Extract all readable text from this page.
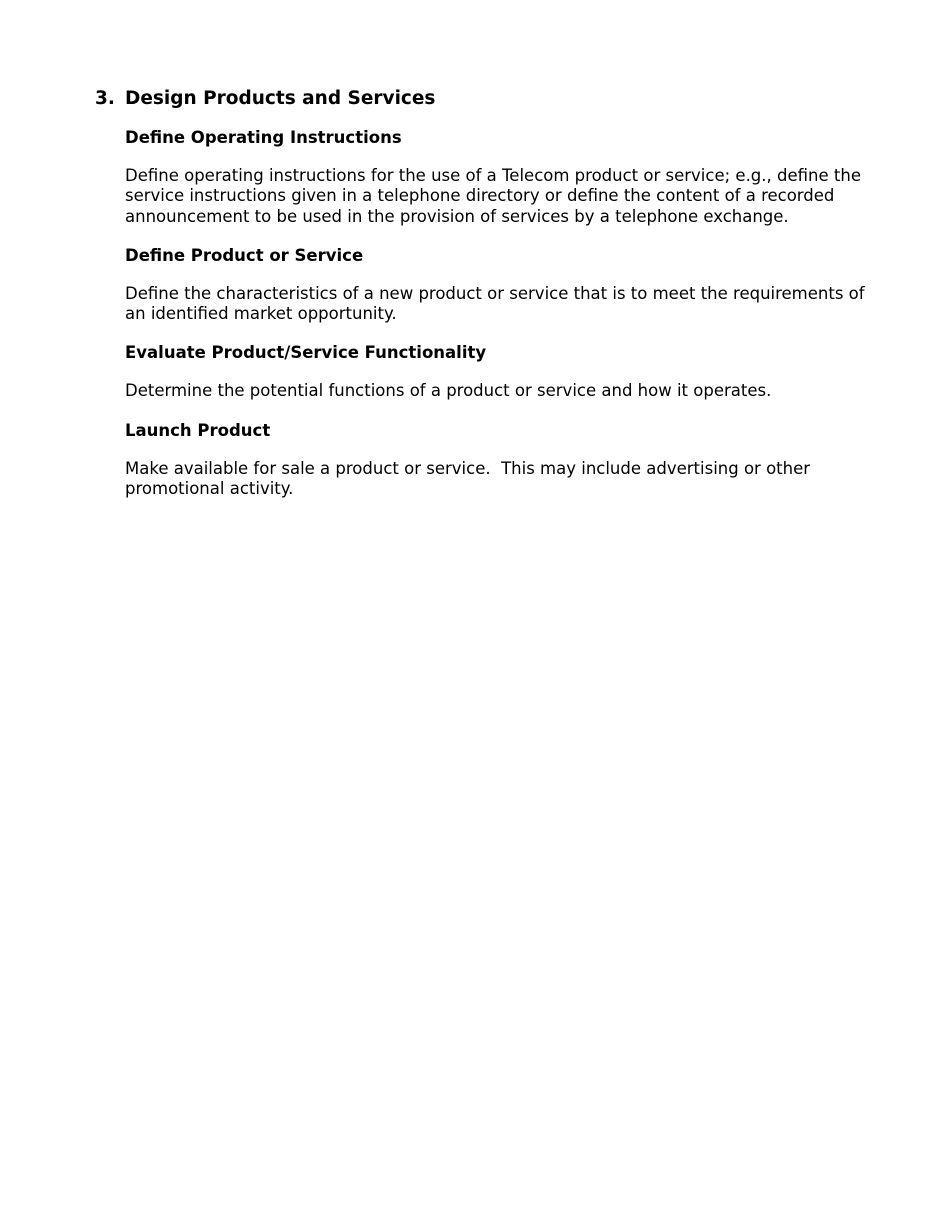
3. Design Products and Services
Define Operating Instructions
Define operating instructions for the use of a Telecom product or service; e.g., define the service instructions given in a telephone directory or define the content of a recorded announcement to be used in the provision of services by a telephone exchange.
Define Product or Service
Define the characteristics of a new product or service that is to meet the requirements of an identified market opportunity.
Evaluate Product/Service Functionality
Determine the potential functions of a product or service and how it operates.
Launch Product
Make available for sale a product or service.  This may include advertising or other promotional activity.
